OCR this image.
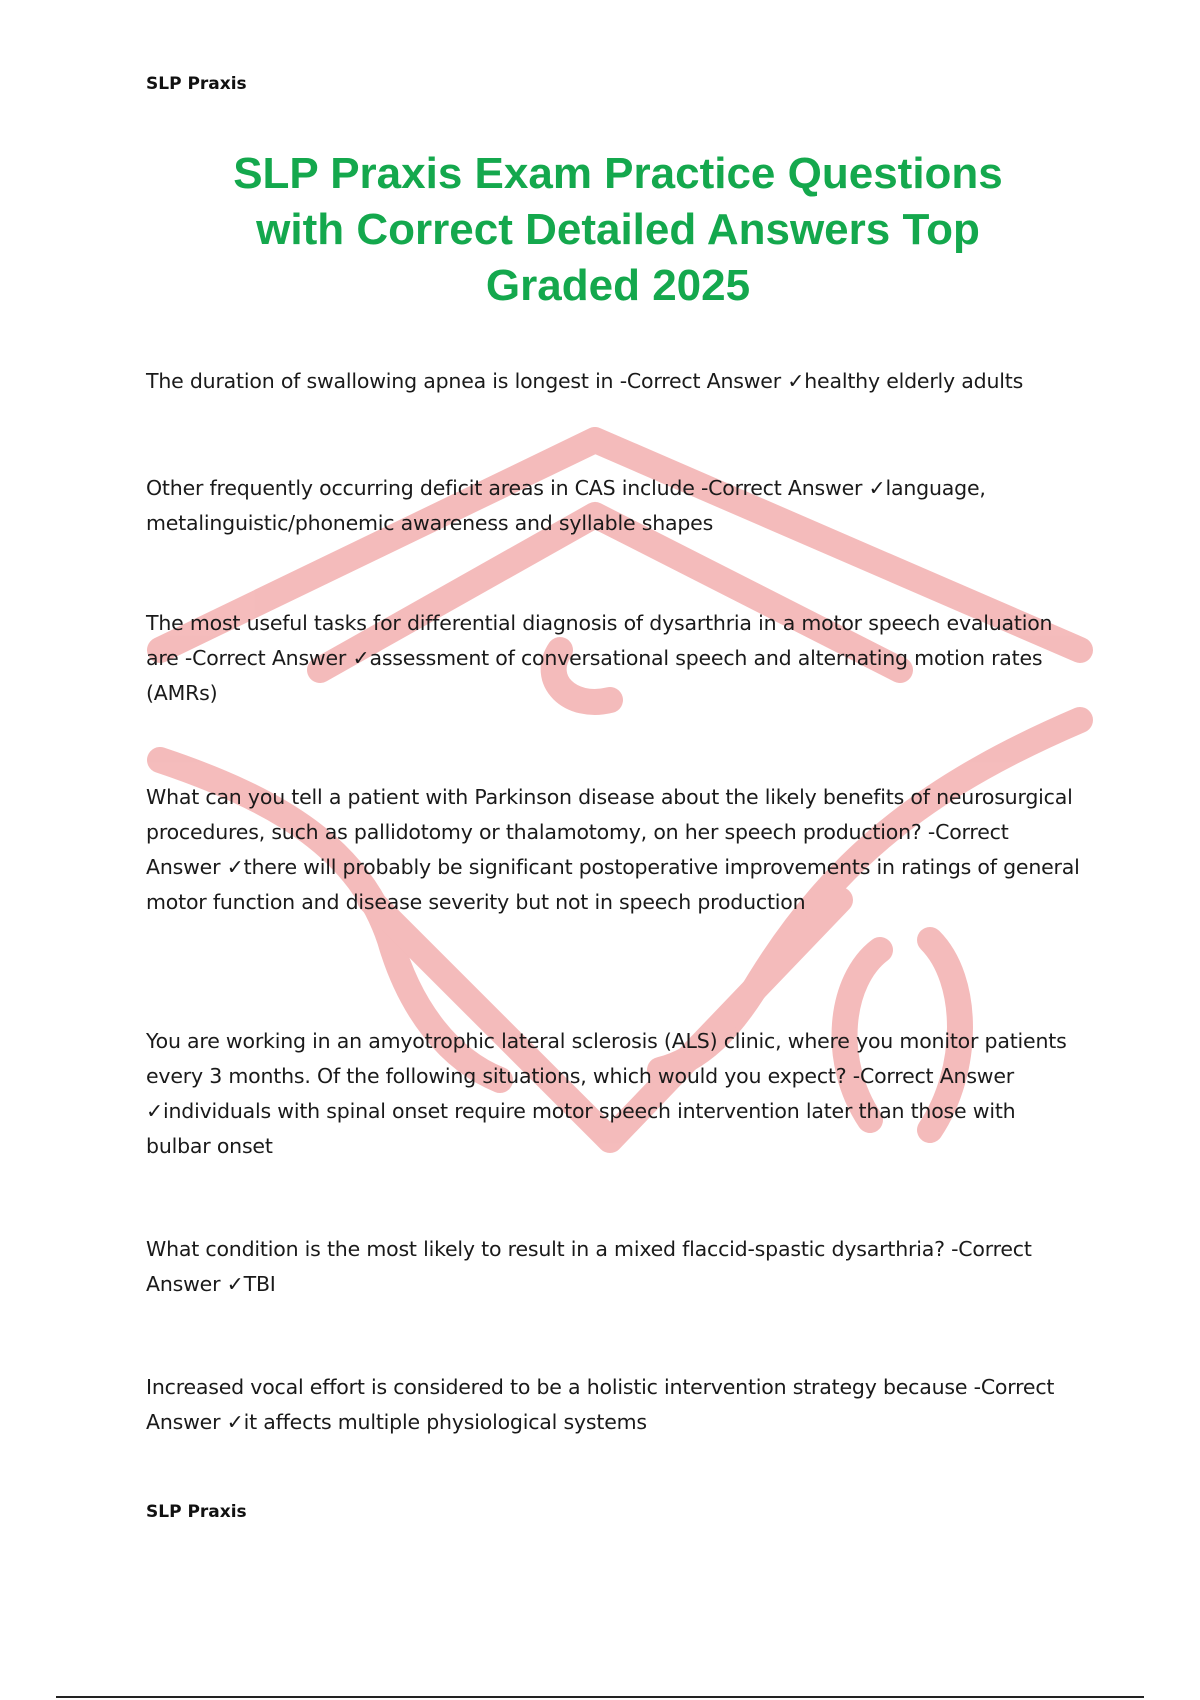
SLP Praxis
SLP Praxis Exam Practice Questions
with Correct Detailed Answers Top
Graded 2025
The duration of swallowing apnea is longest in -Correct Answer ✓healthy elderly adults
Other frequently occurring deficit areas in CAS include -Correct Answer ✓language, metalinguistic/phonemic awareness and syllable shapes
The most useful tasks for differential diagnosis of dysarthria in a motor speech evaluation are -Correct Answer ✓assessment of conversational speech and alternating motion rates (AMRs)
What can you tell a patient with Parkinson disease about the likely benefits of neurosurgical procedures, such as pallidotomy or thalamotomy, on her speech production? -Correct Answer ✓there will probably be significant postoperative improvements in ratings of general motor function and disease severity but not in speech production
You are working in an amyotrophic lateral sclerosis (ALS) clinic, where you monitor patients every 3 months. Of the following situations, which would you expect? -Correct Answer ✓individuals with spinal onset require motor speech intervention later than those with bulbar onset
What condition is the most likely to result in a mixed flaccid-spastic dysarthria? -Correct Answer ✓TBI
Increased vocal effort is considered to be a holistic intervention strategy because -Correct Answer ✓it affects multiple physiological systems
SLP Praxis
